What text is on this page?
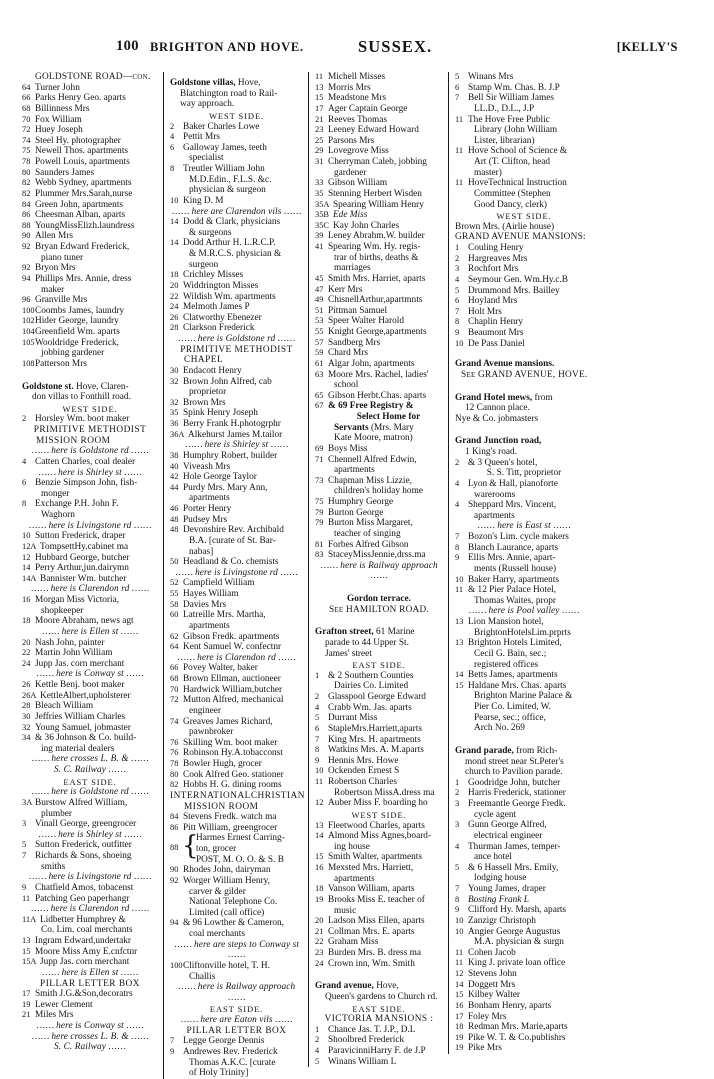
100 BRIGHTON AND HOVE.	SUSSEX.	[KELLY'S
GOLDSTONE ROAD—con.
64 Turner John
66 Parks Henry Geo. aparts
68 Billinness Mrs
70 Fox William
72 Huey Joseph
74 Steel Hy. photographer
75 Newell Thos. apartments
78 Powell Louis, apartments
80 Saunders James
82 Webb Sydney, apartments
82 Plummer Mrs.Sarah,nurse
84 Green John, apartments
86 Cheesman Alban, aparts
88 YoungMissElizh.laundress
90 Allen Mrs
92 Bryan Edward Frederick,
piano tuner
92 Bryon Mrs
94 Phillips Mrs. Annie, dress
maker
96 Granville Mrs
100 Coombs James, laundry
102 Hider George, laundry
104 Greenfield Wm. aparts
105 Wooldridge Frederick,
jobbing gardener
108 Patterson Mrs
Goldstone st. Hove, Claren-
don villas to Fonthill road.
WEST SIDE.
2 Horsley Wm. boot maker
PRIMITIVE METHODIST
MISSION ROOM
…… here is Goldstone rd ……
4 Catten Charles, coal dealer
…… here is Shirley st ……
6 Benzie Simpson John, fish-
monger
8 Exchange P.H. John F.
Waghorn
…… here is Livingstone rd ……
10 Sutton Frederick, draper
12A TompsettHy.cabinet ma
12 Hubbard George, butcher
14 Perry Arthur,jun.dairymn
14A Bannister Wm. butcher
…… here is Clarendon rd ……
16 Morgan Miss Victoria,
shopkeeper
18 Moore Abraham, news agt
…… here is Ellen st ……
20 Nash John, painter
22 Martin John William
24 Jupp Jas. corn merchant
…… here is Conway st ……
26 Kettle Benj. boot maker
26A KettleAlbert,upholsterer
28 Bleach William
30 Jeffries William Charles
32 Young Samuel, jobmaster
34 & 36 Johnson & Co. build-
ing material dealers
…… here crosses L. B. & ……
S. C. Railway ……
EAST SIDE.
…… here is Goldstone rd ……
3A Burstow Alfred William,
plumber
3 Vinall George, greengrocer
…… here is Shirley st ……
5 Sutton Frederick, outfitter
7 Richards & Sons, shoeing
smiths
…… here is Livingstone rd ……
9 Chatfield Amos, tobacenst
11 Patching Geo paperhangr
…… here is Clarendon rd ……
11A Lidbetter Humphrey &
Co. Lim. coal merchants
13 Ingram Edward,undertakr
15 Moore Miss Amy E.cnfctnr
15A Jupp Jas. corn merchant
…… here is Ellen st ……
PILLAR LETTER BOX
17 Smith J.G.&Son,decoratrs
19 Lewer Clement
21 Miles Mrs
…… here is Conway st ……
…… here crosses L. B. & ……
S. C. Railway ……
Goldstone villas, Hove,
Blatchington road to Rail-
way approach.
WEST SIDE.
2 Baker Charles Lowe
4 Pettit Mrs
6 Galloway James, teeth
specialist
8 Treutler William John
M.D.Edin., F.L.S. &c.
physician & surgeon
10 King D. M
…… here are Clarendon vils ……
14 Dodd & Clark, physicians
& surgeons
14 Dodd Arthur H. L.R.C.P.
& M.R.C.S. physician &
surgeon
18 Crichley Misses
20 Widdrington Misses
22 Wildish Wm. apartments
24 Melmoth James P
26 Clatworthy Ebenezer
28 Clarkson Frederick
…… here is Goldstone rd ……
PRIMITIVE METHODIST
CHAPEL
30 Endacott Henry
32 Brown John Alfred, cab
proprietor
32 Brown Mrs
35 Spink Henry Joseph
36 Berry Frank H.photogrphr
36A Alkehurst James M.tailor
…… here is Shirley st ……
38 Humphry Robert, builder
40 Viveash Mrs
42 Hole George Taylor
44 Purdy Mrs. Mary Ann,
apartments
46 Porter Henry
48 Pudsey Mrs
48 Devonshire Rev. Archibald
B.A. [curate of St. Bar-
nabas]
50 Headland & Co. chemists
…… here is Livingstone rd ……
52 Campfield William
55 Hayes William
58 Davies Mrs
60 Latreille Mrs. Martha,
apartments
62 Gibson Fredk. apartments
64 Kent Samuel W. confectnr
…… here is Clarendon rd ……
66 Povey Walter, baker
68 Brown Ellman, auctioneer
70 Hardwick William,butcher
72 Mutton Alfred, mechanical
engineer
74 Greaves James Richard,
pawnbroker
76 Skilling Wm. boot maker
76 Robinson Hy.A.tobacconst
78 Bowler Hugh, grocer
80 Cook Alfred Geo. stationer
82 Hobbs H. G. dining rooms
INTERNATIONALCHRISTIAN
MISSION ROOM
84 Stevens Fredk. watch ma
86 Pitt William, greengrocer
88 {
Harmes Ernest Carring-
ton, grocer
POST, M. O. O. & S. B
90 Rhodes John, dairyman
92 Worger William Henry,
carver & gilder
National Telephone Co.
Limited (call office)
94 & 96 Lowther & Cameron,
coal merchants
…… here are steps to Conway st ……
100 Cliftonville hotel, T. H.
Challis
…… here is Railway approach ……
EAST SIDE.
…… here are Eaton vils ……
PILLAR LETTER BOX
7 Legge George Dennis
9 Andrewes Rev. Frederick
Thomas A.K.C. [curate
of Holy Trinity]
11 Michell Misses
13 Morris Mrs
15 Meadstone Mrs
17 Ager Captain George
21 Reeves Thomas
23 Leeney Edward Howard
25 Parsons Mrs
29 Lovegrove Miss
31 Cherryman Caleb, jobbing
gardener
33 Gibson William
35 Stenning Herbert Wisden
35A Spearing William Henry
35B Ede Miss
35C Kay John Charles
39 Leney Abrahm.W. builder
41 Spearing Wm. Hy. regis-
trar of births, deaths &
marriages
45 Smith Mrs. Harriet, aparts
47 Kerr Mrs
49 ChisnellArthur,apartmnts
51 Pittman Samuel
53 Speer Walter Harold
55 Knight George,apartments
57 Sandberg Mrs
59 Chard Mrs
61 Algar John, apartments
63 Moore Mrs. Rachel, ladies'
school
65 Gibson Herbt.Chas. aparts
67 & 69 Free Registry &
Select Home for
Servants (Mrs. Mary
Kate Moore, matron)
69 Boys Miss
71 Chennell Alfred Edwin,
apartments
73 Chapman Miss Lizzie,
children's holiday home
75 Humphry George
79 Burton George
79 Burton Miss Margaret,
teacher of singing
81 Forbes Alfred Gibson
83 StaceyMissJennie,drss.ma
…… here is Railway approach ……
Gordon terrace.
See HAMILTON ROAD.
Grafton street, 61 Marine
parade to 44 Upper St.
James' street
EAST SIDE.
1 & 2 Southern Counties
Dairies Co. Limited
2 Glasspool George Edward
4 Crabb Wm. Jas. aparts
5 Durrant Miss
6 StapleMrs.Harriett,aparts
7 King Mrs. H. apartments
8 Watkins Mrs. A. M.aparts
9 Hennis Mrs. Howe
10 Ockenden Ernest S
11 Robertson Charles
Robertson MissA.dress ma
12 Auber Miss F. boarding ho
WEST SIDE.
13 Fleetwood Charles, aparts
14 Almond Miss Agnes,board-
ing house
15 Smith Walter, apartments
16 Mexsted Mrs. Harriett,
apartments
18 Vanson William, aparts
19 Brooks Miss E. teacher of
music
20 Ladson Miss Ellen, aparts
21 Collman Mrs. E. aparts
22 Graham Miss
23 Burden Mrs. B. dress ma
24 Crown inn, Wm. Smith
Grand avenue, Hove,
Queen's gardens to Church rd.
EAST SIDE.
VICTORIA MANSIONS :
1 Chance Jas. T. J.P., D.L
2 Shoolbred Frederick
4 ParavicinniHarry F. de J.P
5 Winans William L
5 Winans Mrs
6 Stamp Wm. Chas. B. J.P
7 Bell Sir William James
LL.D., D.L., J.P
11 The Hove Free Public
Library (John William
Lister, librarian)
11 Hove School of Science &
Art (T. Clifton, head
master)
11 HoveTechnical Instruction
Committee (Stephen
Good Dancy, clerk)
WEST SIDE.
Brown Mrs. (Airlie house)
GRAND AVENUE MANSIONS:
1 Couling Henry
2 Hargreaves Mrs
3 Rochfort Mrs
4 Seymour Gen. Wm.Hy.c.B
5 Drummond Mrs. Bailley
6 Hoyland Mrs
7 Holt Mrs
8 Chaplin Henry
9 Beaumont Mrs
10 De Pass Daniel
Grand Avenue mansions.
See GRAND AVENUE, HOVE.
Grand Hotel mews, from
12 Cannon place.
Nye & Co. jobmasters
Grand Junction road,
1 King's road.
2 & 3 Queen's hotel,
S. S. Titt, proprietor
4 Lyon & Hall, pianoforte
warerooms
4 Sheppard Mrs. Vincent,
apartments
…… here is East st ……
7 Bozon's Lim. cycle makers
8 Blanch Laurance, aparts
9 Ellis Mrs. Annie, apart-
ments (Russell house)
10 Baker Harry, apartments
11 & 12 Pier Palace Hotel,
Thomas Waites, propr
…… here is Pool valley ……
13 Lion Mansion hotel,
BrightonHotelsLim.prprts
13 Brighton Hotels Limited,
Cecil G. Bain, sec.;
registered offices
14 Betts James, apartments
15 Haldane Mrs. Chas. aparts
Brighton Marine Palace &
Pier Co. Limited, W.
Pearse, sec.; office,
Arch No. 269
Grand parade, from Rich-
mond street near St.Peter's
church to Pavilion parade.
1 Goodridge John, butcher
2 Harris Frederick, stationer
3 Freemantle George Fredk.
cycle agent
3 Gunn George Alfred,
electrical engineer
4 Thurman James, temper-
ance hotel
5 & 6 Hassell Mrs. Emily,
lodging house
7 Young James, draper
8 Bosting Frank L
9 Clifford Hy. Marsh, aparts
10 Zanzigr Christoph
10 Angier George Augustus
M.A. physician & surgn
11 Cohen Jacob
11 King J. private loan office
12 Stevens John
14 Doggett Mrs
15 Kilbey Walter
16 Bonham Henry, aparts
17 Foley Mrs
18 Redman Mrs. Marie,aparts
19 Pike W. T. & Co.publishrs
19 Pike Mrs
